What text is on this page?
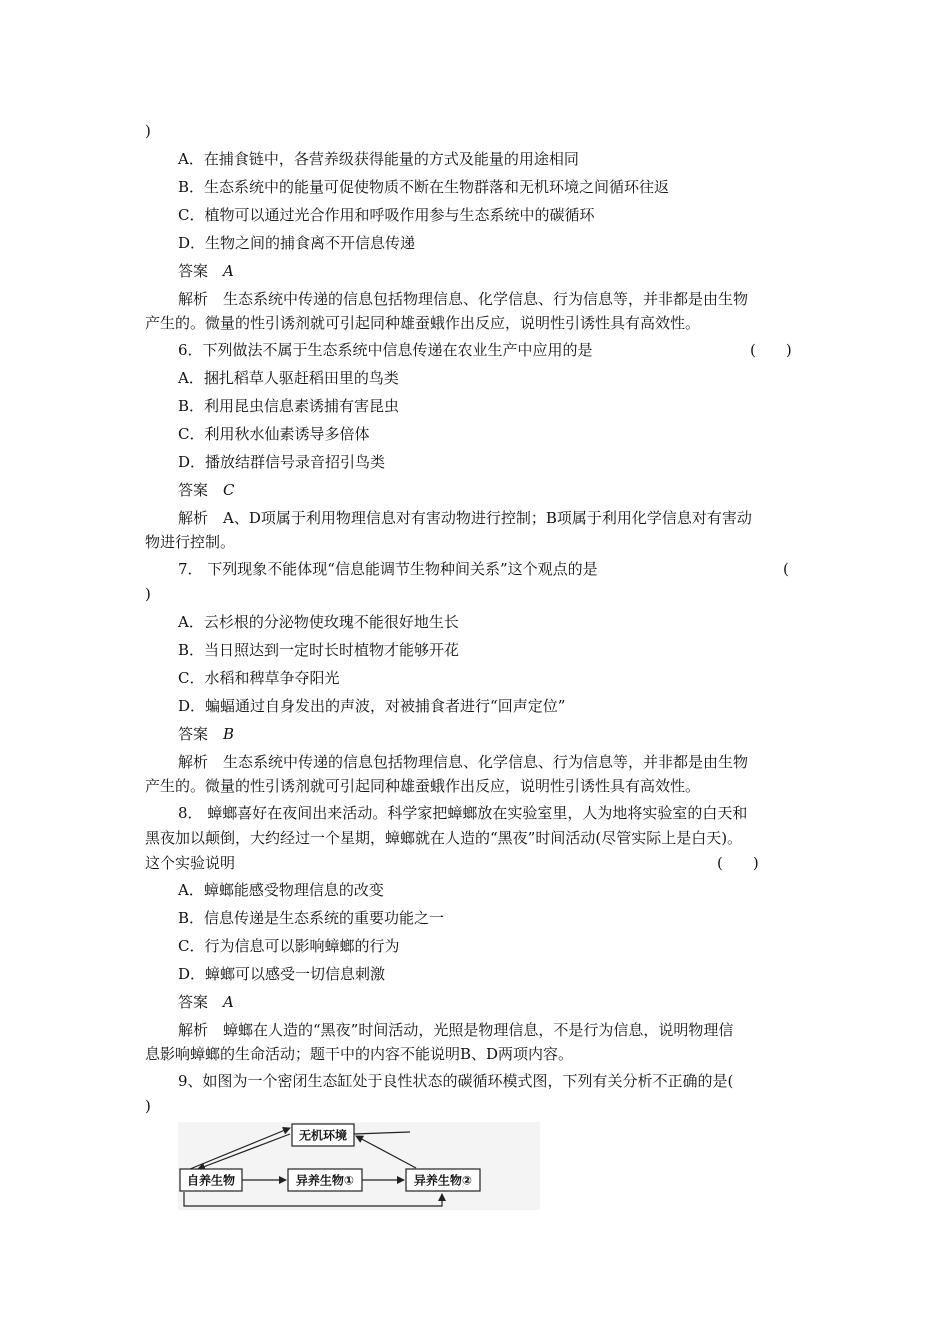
)
A．在捕食链中，各营养级获得能量的方式及能量的用途相同
B．生态系统中的能量可促使物质不断在生物群落和无机环境之间循环往返
C．植物可以通过光合作用和呼吸作用参与生态系统中的碳循环
D．生物之间的捕食离不开信息传递
答案　 A
解析　生态系统中传递的信息包括物理信息、化学信息、行为信息等，并非都是由生物
产生的。微量的性引诱剂就可引起同种雄蚕蛾作出反应，说明性引诱性具有高效性。
6．下列做法不属于生态系统中信息传递在农业生产中应用的是	(　　)
A．捆扎稻草人驱赶稻田里的鸟类
B．利用昆虫信息素诱捕有害昆虫
C．利用秋水仙素诱导多倍体
D．播放结群信号录音招引鸟类
答案　 C
解析　A、D项属于利用物理信息对有害动物进行控制；B项属于利用化学信息对有害动
物进行控制。
7． 下列现象不能体现“信息能调节生物种间关系”这个观点的是	(
)
A．云杉根的分泌物使玫瑰不能很好地生长
B．当日照达到一定时长时植物才能够开花
C．水稻和稗草争夺阳光
D．蝙蝠通过自身发出的声波，对被捕食者进行“回声定位”
答案　 B
解析　生态系统中传递的信息包括物理信息、化学信息、行为信息等，并非都是由生物
产生的。微量的性引诱剂就可引起同种雄蚕蛾作出反应，说明性引诱性具有高效性。
8． 蟑螂喜好在夜间出来活动。科学家把蟑螂放在实验室里，人为地将实验室的白天和
黑夜加以颠倒，大约经过一个星期，蟑螂就在人造的“黑夜”时间活动(尽管实际上是白天)。
这个实验说明	(　　)
A．蟑螂能感受物理信息的改变
B．信息传递是生态系统的重要功能之一
C．行为信息可以影响蟑螂的行为
D．蟑螂可以感受一切信息刺激
答案　 A
解析　蟑螂在人造的“黑夜”时间活动，光照是物理信息，不是行为信息，说明物理信
息影响蟑螂的生命活动；题干中的内容不能说明B、D两项内容。
9、如图为一个密闭生态缸处于良性状态的碳循环模式图，下列有关分析不正确的是(
)
无机环境
自养生物	异养生物①	异养生物②
